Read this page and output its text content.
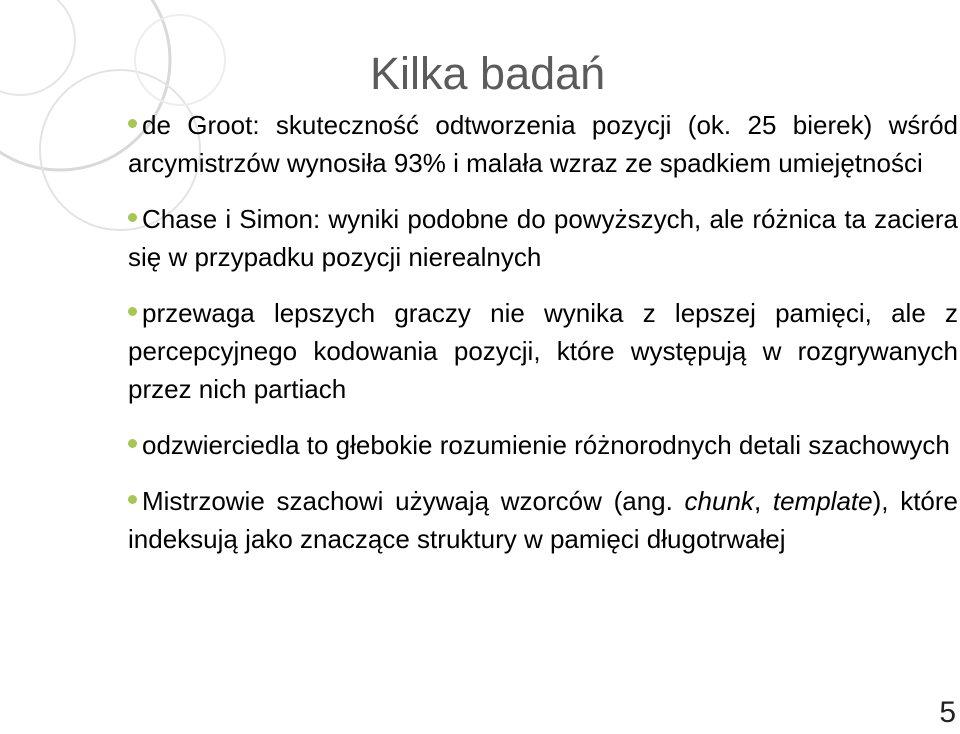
Kilka badań
de Groot: skuteczność odtworzenia pozycji (ok. 25 bierek) wśród arcymistrzów wynosiła 93% i malała wzraz ze spadkiem umiejętności
Chase i Simon: wyniki podobne do powyższych, ale różnica ta zaciera się w przypadku pozycji nierealnych
przewaga lepszych graczy nie wynika z lepszej pamięci, ale z percepcyjnego kodowania pozycji, które występują w rozgrywanych przez nich partiach
odzwierciedla to głebokie rozumienie różnorodnych detali szachowych
Mistrzowie szachowi używają wzorców (ang. chunk, template), które indeksują jako znaczące struktury w pamięci długotrwałej
5
